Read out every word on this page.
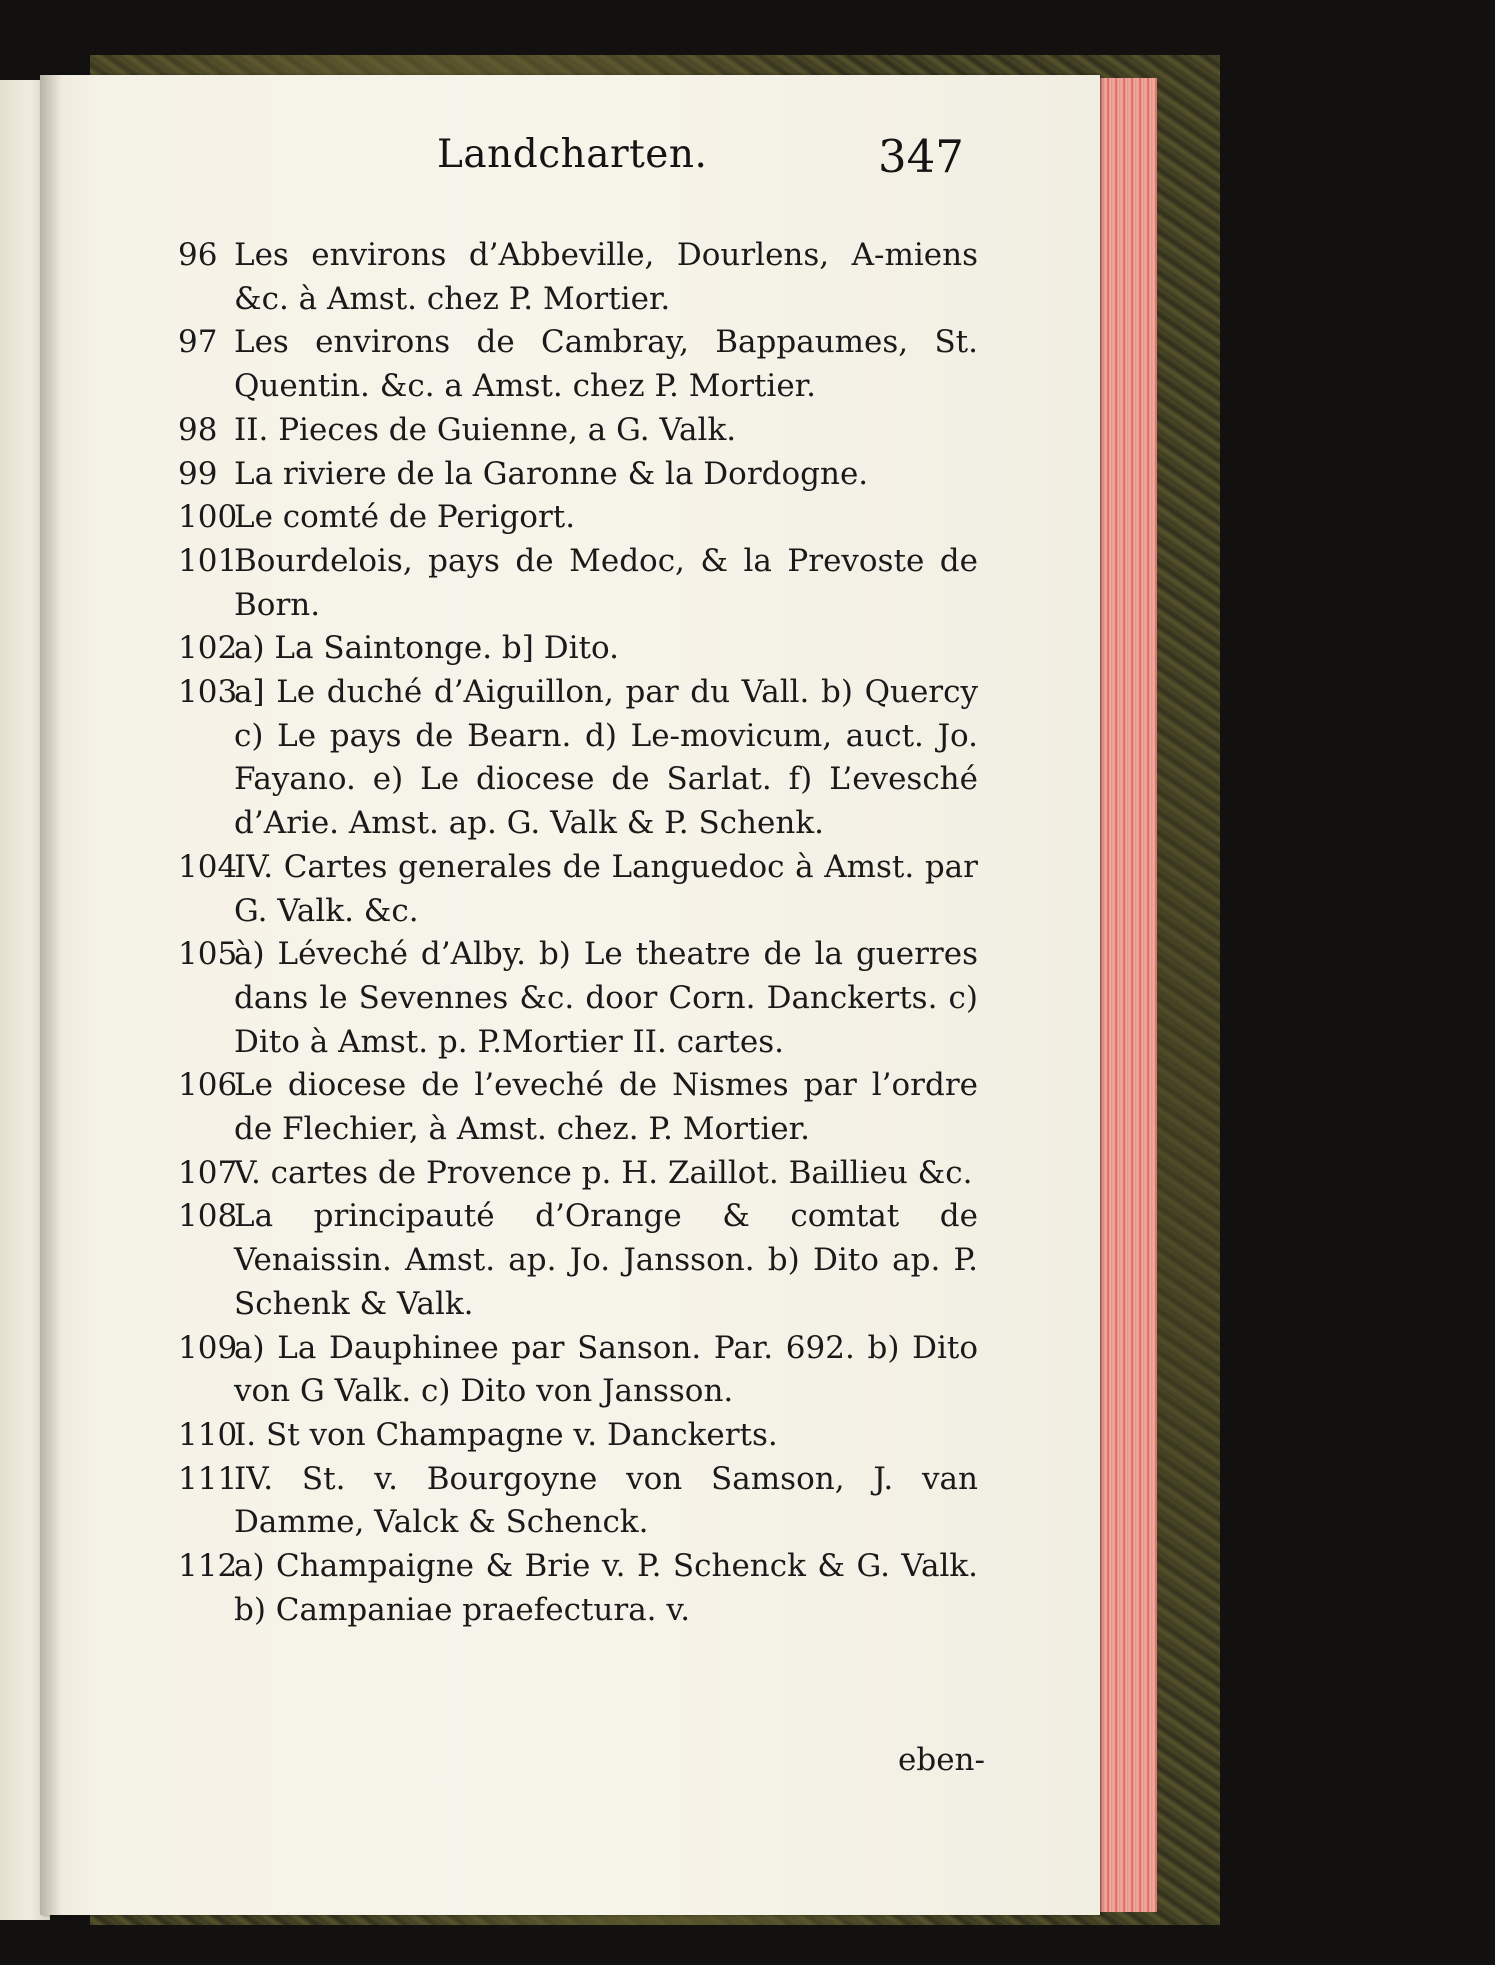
Landcharten.	347
96 Les environs d’Abbeville, Dourlens, A-miens &c. à Amst. chez P. Mortier.
97 Les environs de Cambray, Bappaumes, St. Quentin. &c. a Amst. chez P. Mortier.
98 II. Pieces de Guienne, a G. Valk.
99 La riviere de la Garonne & la Dordogne.
100
Le comté de Perigort.
101
Bourdelois, pays de Medoc, & la Prevoste de Born.
102
a) La Saintonge. b] Dito.
103
a] Le duché d’Aiguillon, par du Vall. b) Quercy c) Le pays de Bearn. d) Le-movicum, auct. Jo. Fayano. e) Le diocese de Sarlat. f) L’evesché d’Arie. Amst. ap. G. Valk & P. Schenk.
104
IV. Cartes generales de Languedoc à Amst. par G. Valk. &c.
105
à) Léveché d’Alby. b) Le theatre de la guerres dans le Sevennes &c. door Corn. Danckerts. c) Dito à Amst. p. P.Mortier II. cartes.
106
Le diocese de l’eveché de Nismes par l’ordre de Flechier, à Amst. chez. P. Mortier.
107
V. cartes de Provence p. H. Zaillot. Baillieu &c.
108
La principauté d’Orange & comtat de Venaissin. Amst. ap. Jo. Jansson. b) Dito ap. P. Schenk & Valk.
109
a) La Dauphinee par Sanson. Par. 692. b) Dito von G Valk. c) Dito von Jansson.
110
I. St von Champagne v. Danckerts.
111
IV. St. v. Bourgoyne von Samson, J. van Damme, Valck & Schenck.
112
a) Champaigne & Brie v. P. Schenck & G. Valk. b) Campaniae praefectura. v.
eben-
